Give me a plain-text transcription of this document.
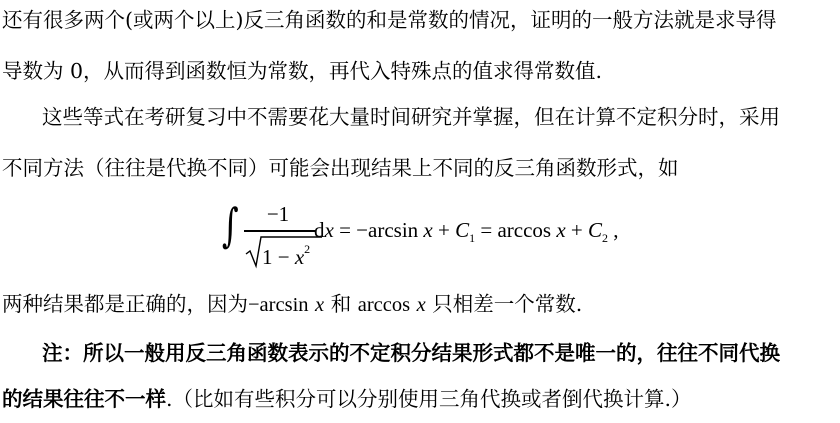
还有很多两个(或两个以上)反三角函数的和是常数的情况，证明的一般方法就是求导得
导数为 0，从而得到函数恒为常数，再代入特殊点的值求得常数值.
这些等式在考研复习中不需要花大量时间研究并掌握，但在计算不定积分时，采用
不同方法（往往是代换不同）可能会出现结果上不同的反三角函数形式，如
∫	−1
$1 - x^2$
dx = −arcsin $x + C_1 = \arccos x + C_2$ ,
两种结果都是正确的，因为−arcsin x 和 arccos x 只相差一个常数.
注：所以一般用反三角函数表示的不定积分结果形式都不是唯一的，往往不同代换
的结果往往不一样.（比如有些积分可以分别使用三角代换或者倒代换计算.）
